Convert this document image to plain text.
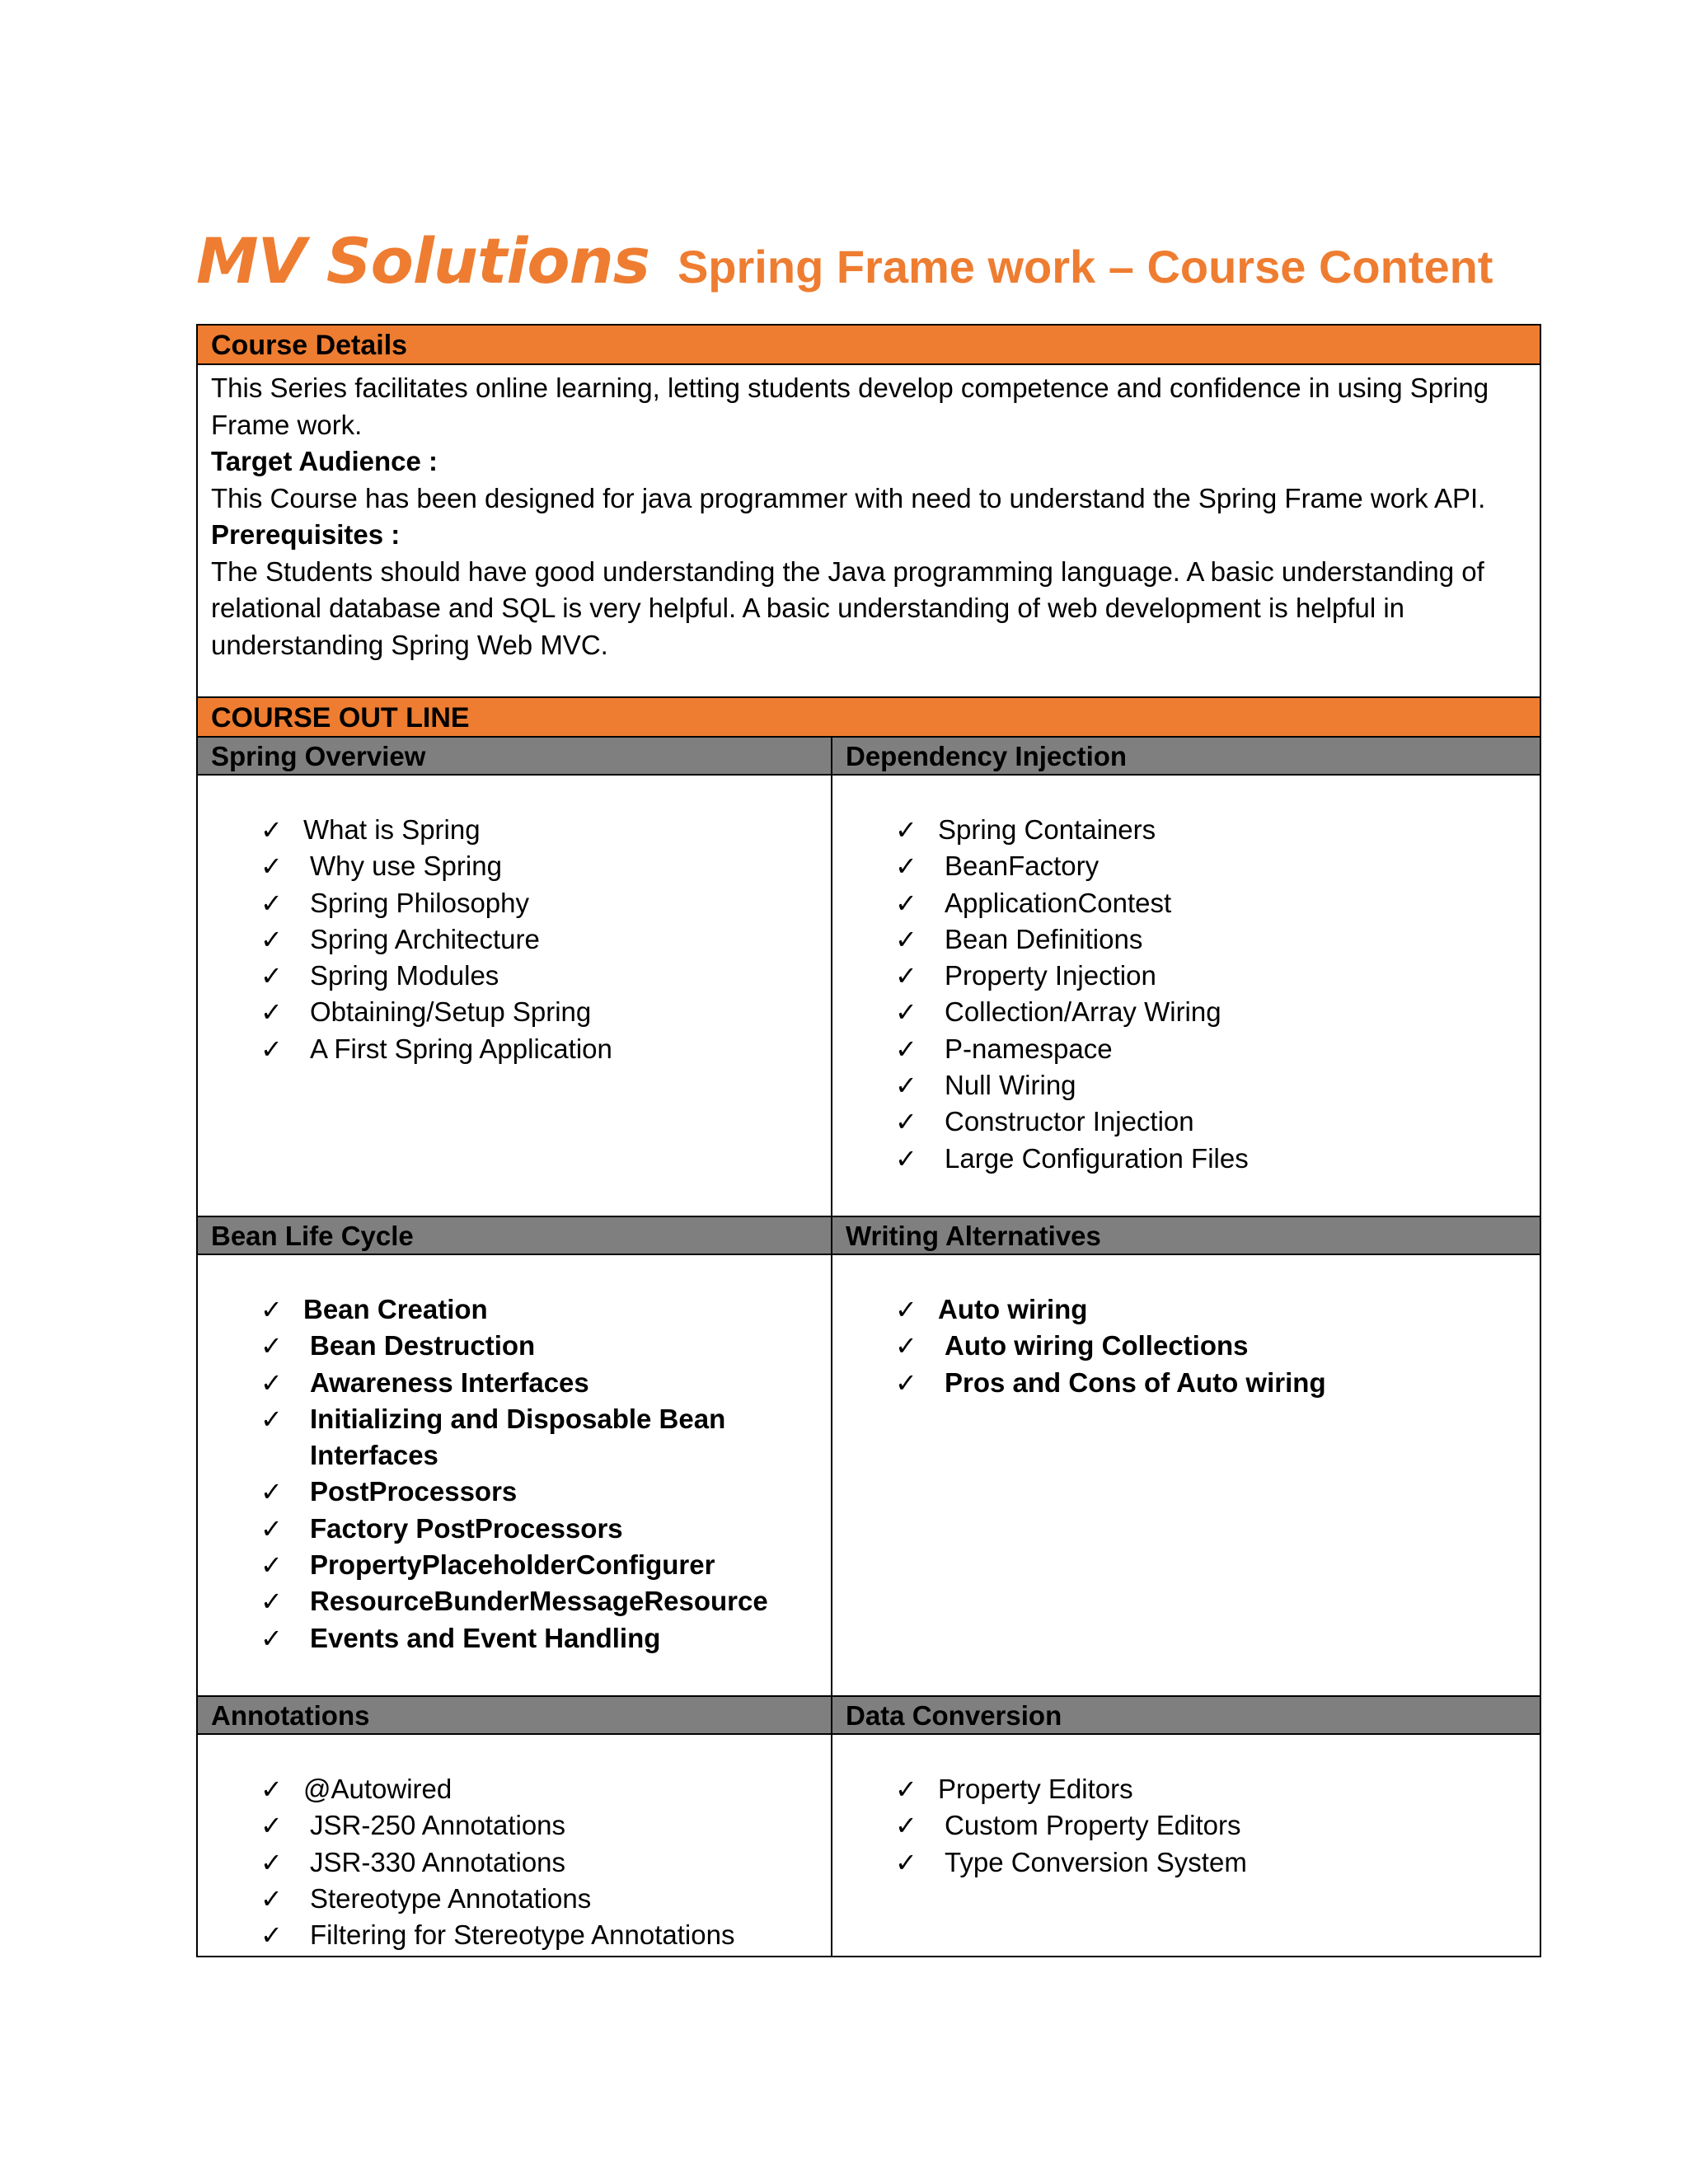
MV Solutions Spring Frame work – Course Content
Course Details

This Series facilitates online learning, letting students develop competence and confidence in using Spring Frame work.

Target Audience :

This Course has been designed for java programmer with need to understand the Spring Frame work API.

Prerequisites :

The Students should have good understanding the Java programming language. A basic understanding of relational database and SQL is very helpful. A basic understanding of web development is helpful in understanding Spring Web MVC.

COURSE OUT LINE
Spring Overview
✓ What is Spring
✓ Why use Spring
✓ Spring Philosophy
✓ Spring Architecture
✓ Spring Modules
✓ Obtaining/Setup Spring
✓ A First Spring Application
Dependency Injection
✓ Spring Containers
✓ BeanFactory
✓ ApplicationContest
✓ Bean Definitions
✓ Property Injection
✓ Collection/Array Wiring
✓ P-namespace
✓ Null Wiring
✓ Constructor Injection
✓ Large Configuration Files
Bean Life Cycle
✓ Bean Creation
✓ Bean Destruction
✓ Awareness Interfaces
✓ Initializing and Disposable Bean Interfaces
✓ PostProcessors
✓ Factory PostProcessors
✓ PropertyPlaceholderConfigurer
✓ ResourceBunderMessageResource
✓ Events and Event Handling
Writing Alternatives
✓ Auto wiring
✓ Auto wiring Collections
✓ Pros and Cons of Auto wiring
Annotations
✓ @Autowired
✓ JSR-250 Annotations
✓ JSR-330 Annotations
✓ Stereotype Annotations
✓ Filtering for Stereotype Annotations
Data Conversion
✓ Property Editors
✓ Custom Property Editors
✓ Type Conversion System
